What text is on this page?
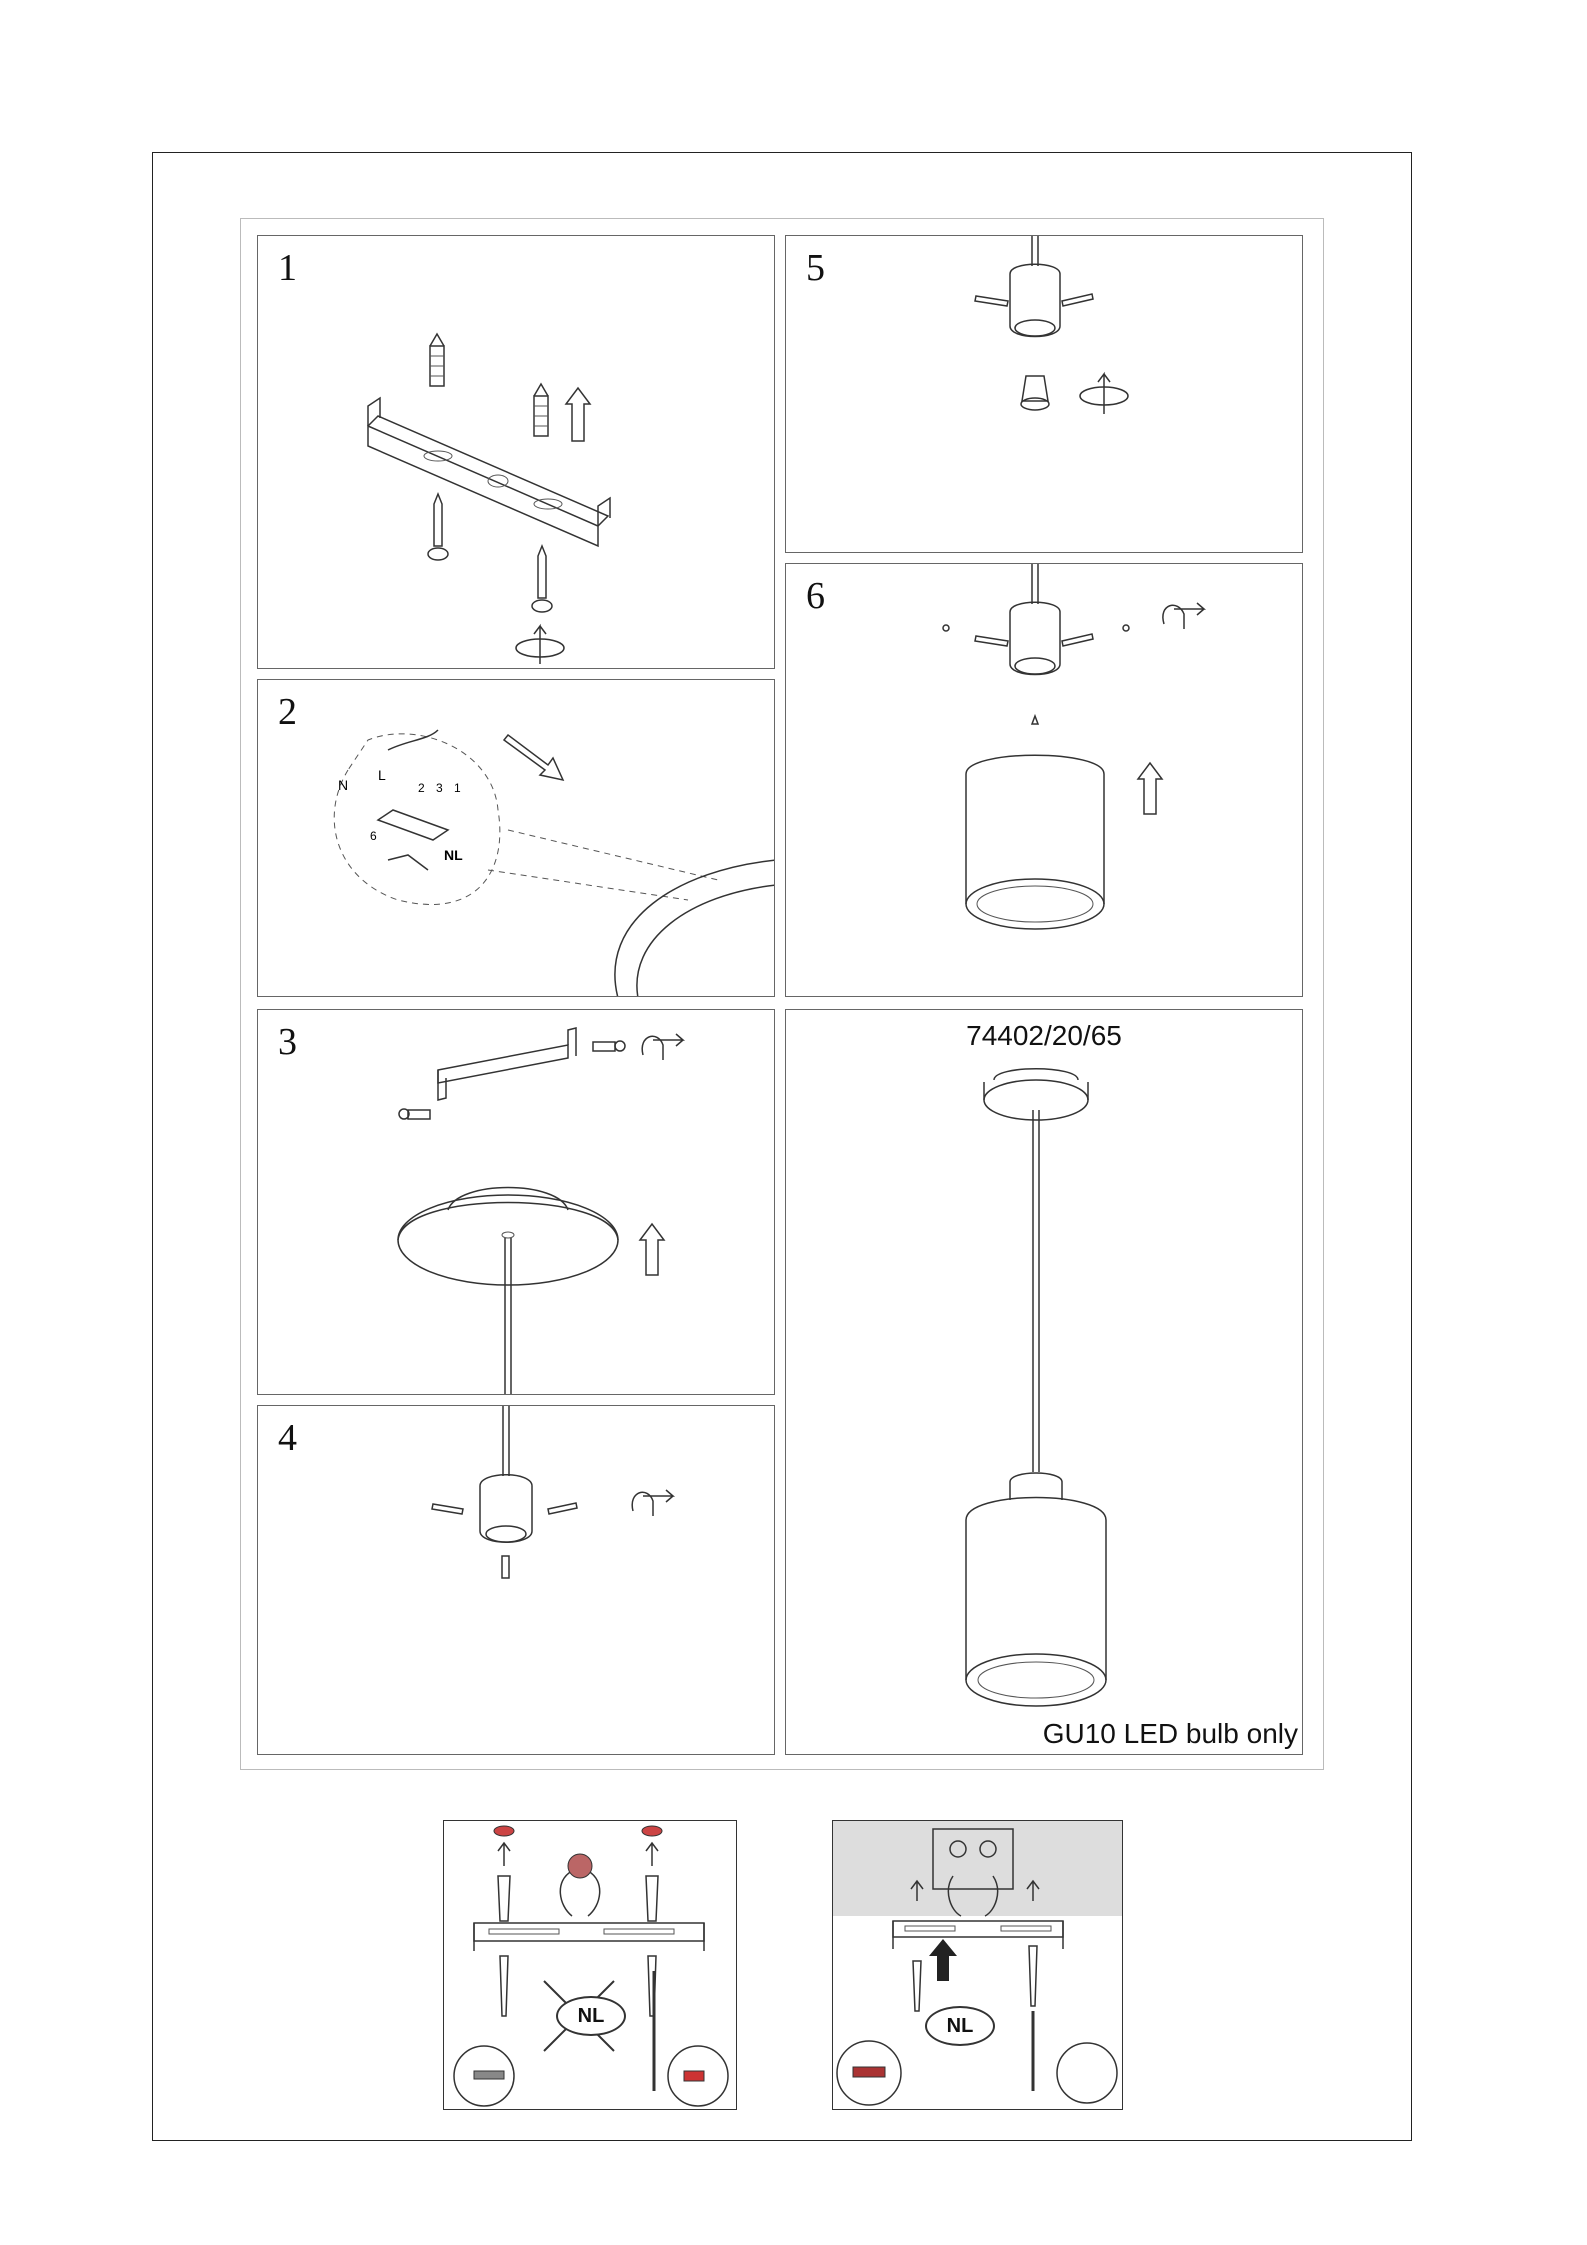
1
2
N
L
2 3 1
6
NL
3
4
5
6
74402/20/65
GU10 LED bulb only
NL	NL
